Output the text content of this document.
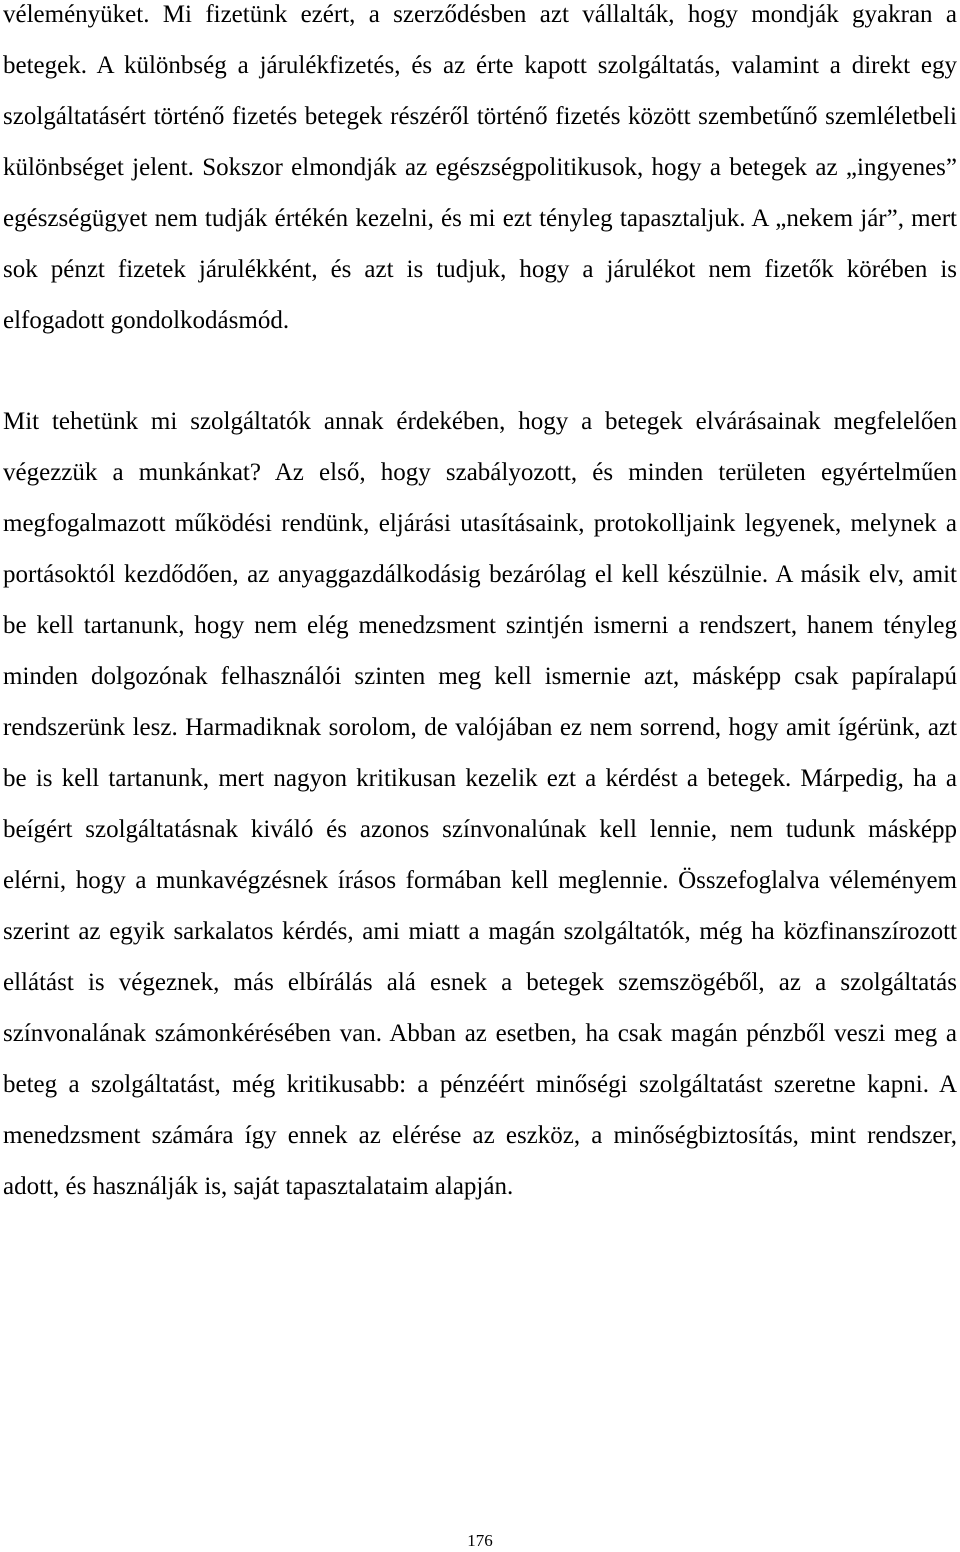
véleményüket. Mi fizetünk ezért, a szerződésben azt vállalták, hogy mondják gyakran a betegek. A különbség a járulékfizetés, és az érte kapott szolgáltatás, valamint a direkt egy szolgáltatásért történő fizetés betegek részéről történő fizetés között szembetűnő szemléletbeli különbséget jelent. Sokszor elmondják az egészségpolitikusok, hogy a betegek az „ingyenes” egészségügyet nem tudják értékén kezelni, és mi ezt tényleg tapasztaljuk. A „nekem jár”, mert sok pénzt fizetek járulékként, és azt is tudjuk, hogy a járulékot nem fizetők körében is elfogadott gondolkodásmód.

Mit tehetünk mi szolgáltatók annak érdekében, hogy a betegek elvárásainak megfelelően végezzük a munkánkat? Az első, hogy szabályozott, és minden területen egyértelműen megfogalmazott működési rendünk, eljárási utasításaink, protokolljaink legyenek, melynek a portásoktól kezdődően, az anyaggazdálkodásig bezárólag el kell készülnie. A másik elv, amit be kell tartanunk, hogy nem elég menedzsment szintjén ismerni a rendszert, hanem tényleg minden dolgozónak felhasználói szinten meg kell ismernie azt, másképp csak papíralapú rendszerünk lesz. Harmadiknak sorolom, de valójában ez nem sorrend, hogy amit ígérünk, azt be is kell tartanunk, mert nagyon kritikusan kezelik ezt a kérdést a betegek. Márpedig, ha a beígért szolgáltatásnak kiváló és azonos színvonalúnak kell lennie, nem tudunk másképp elérni, hogy a munkavégzésnek írásos formában kell meglennie. Összefoglalva véleményem szerint az egyik sarkalatos kérdés, ami miatt a magán szolgáltatók, még ha közfinanszírozott ellátást is végeznek, más elbírálás alá esnek a betegek szemszögéből, az a szolgáltatás színvonalának számonkérésében van. Abban az esetben, ha csak magán pénzből veszi meg a beteg a szolgáltatást, még kritikusabb: a pénzéért minőségi szolgáltatást szeretne kapni. A menedzsment számára így ennek az elérése az eszköz, a minőségbiztosítás, mint rendszer, adott, és használják is, saját tapasztalataim alapján.

176
